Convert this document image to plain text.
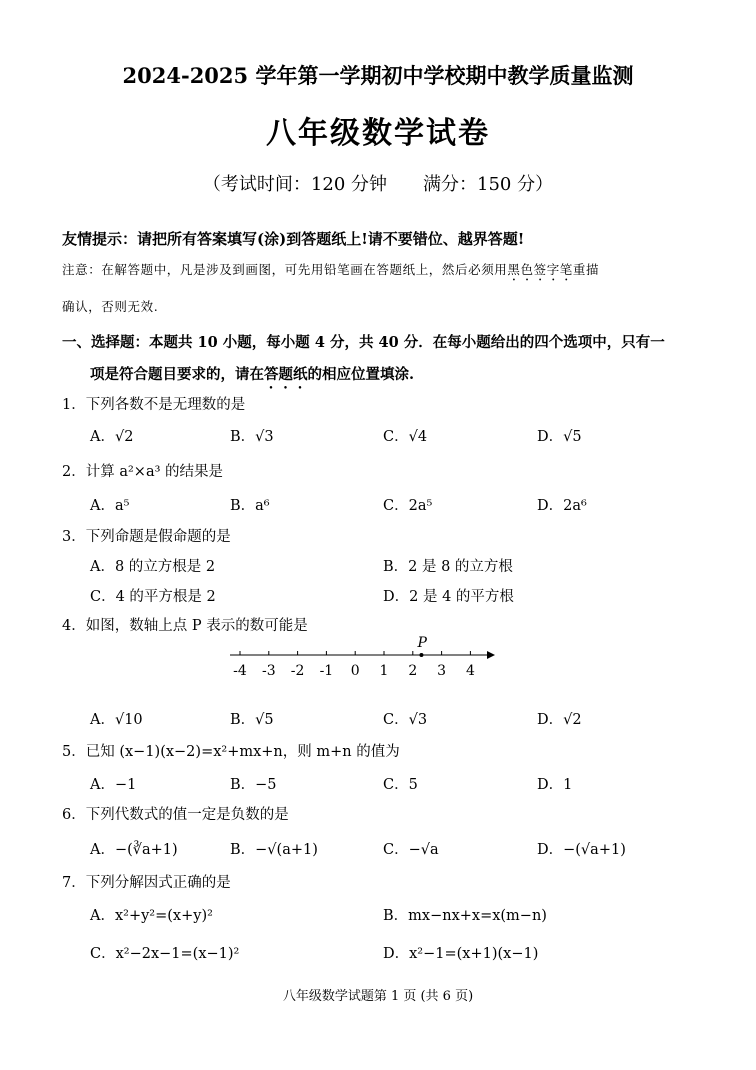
2024-2025 学年第一学期初中学校期中教学质量监测
八年级数学试卷
（考试时间：120 分钟　　满分：150 分）
友情提示：请把所有答案填写(涂)到答题纸上!请不要错位、越界答题!
注意：在解答题中，凡是涉及到画图，可先用铅笔画在答题纸上，然后必须用黑色签字笔重描
确认，否则无效.
一、选择题：本题共 10 小题，每小题 4 分，共 40 分．在每小题给出的四个选项中，只有一
项是符合题目要求的，请在答题纸的相应位置填涂.
1．下列各数不是无理数的是
A．√2	B．√3	C．√4	D．√5
2．计算 a²×a³ 的结果是
A．a⁵	B．a⁶	C．2a⁵	D．2a⁶
3．下列命题是假命题的是
A．8 的立方根是 2	B．2 是 8 的立方根
C．4 的平方根是 2	D．2 是 4 的平方根
4．如图，数轴上点 P 表示的数可能是
-4 -3 -2 -1 0 1 2 3 4
P
A．√10	B．√5	C．√3	D．√2
5．已知 (x−1)(x−2)=x²+mx+n，则 m+n 的值为
A．−1	B．−5	C．5	D．1
6．下列代数式的值一定是负数的是
A．−(∛a+1)	B．−√(a+1)	C．−√a	D．−(√a+1)
7．下列分解因式正确的是
A．x²+y²=(x+y)²	B．mx−nx+x=x(m−n)
C．x²−2x−1=(x−1)²	D．x²−1=(x+1)(x−1)
八年级数学试题第 1 页 (共 6 页)
